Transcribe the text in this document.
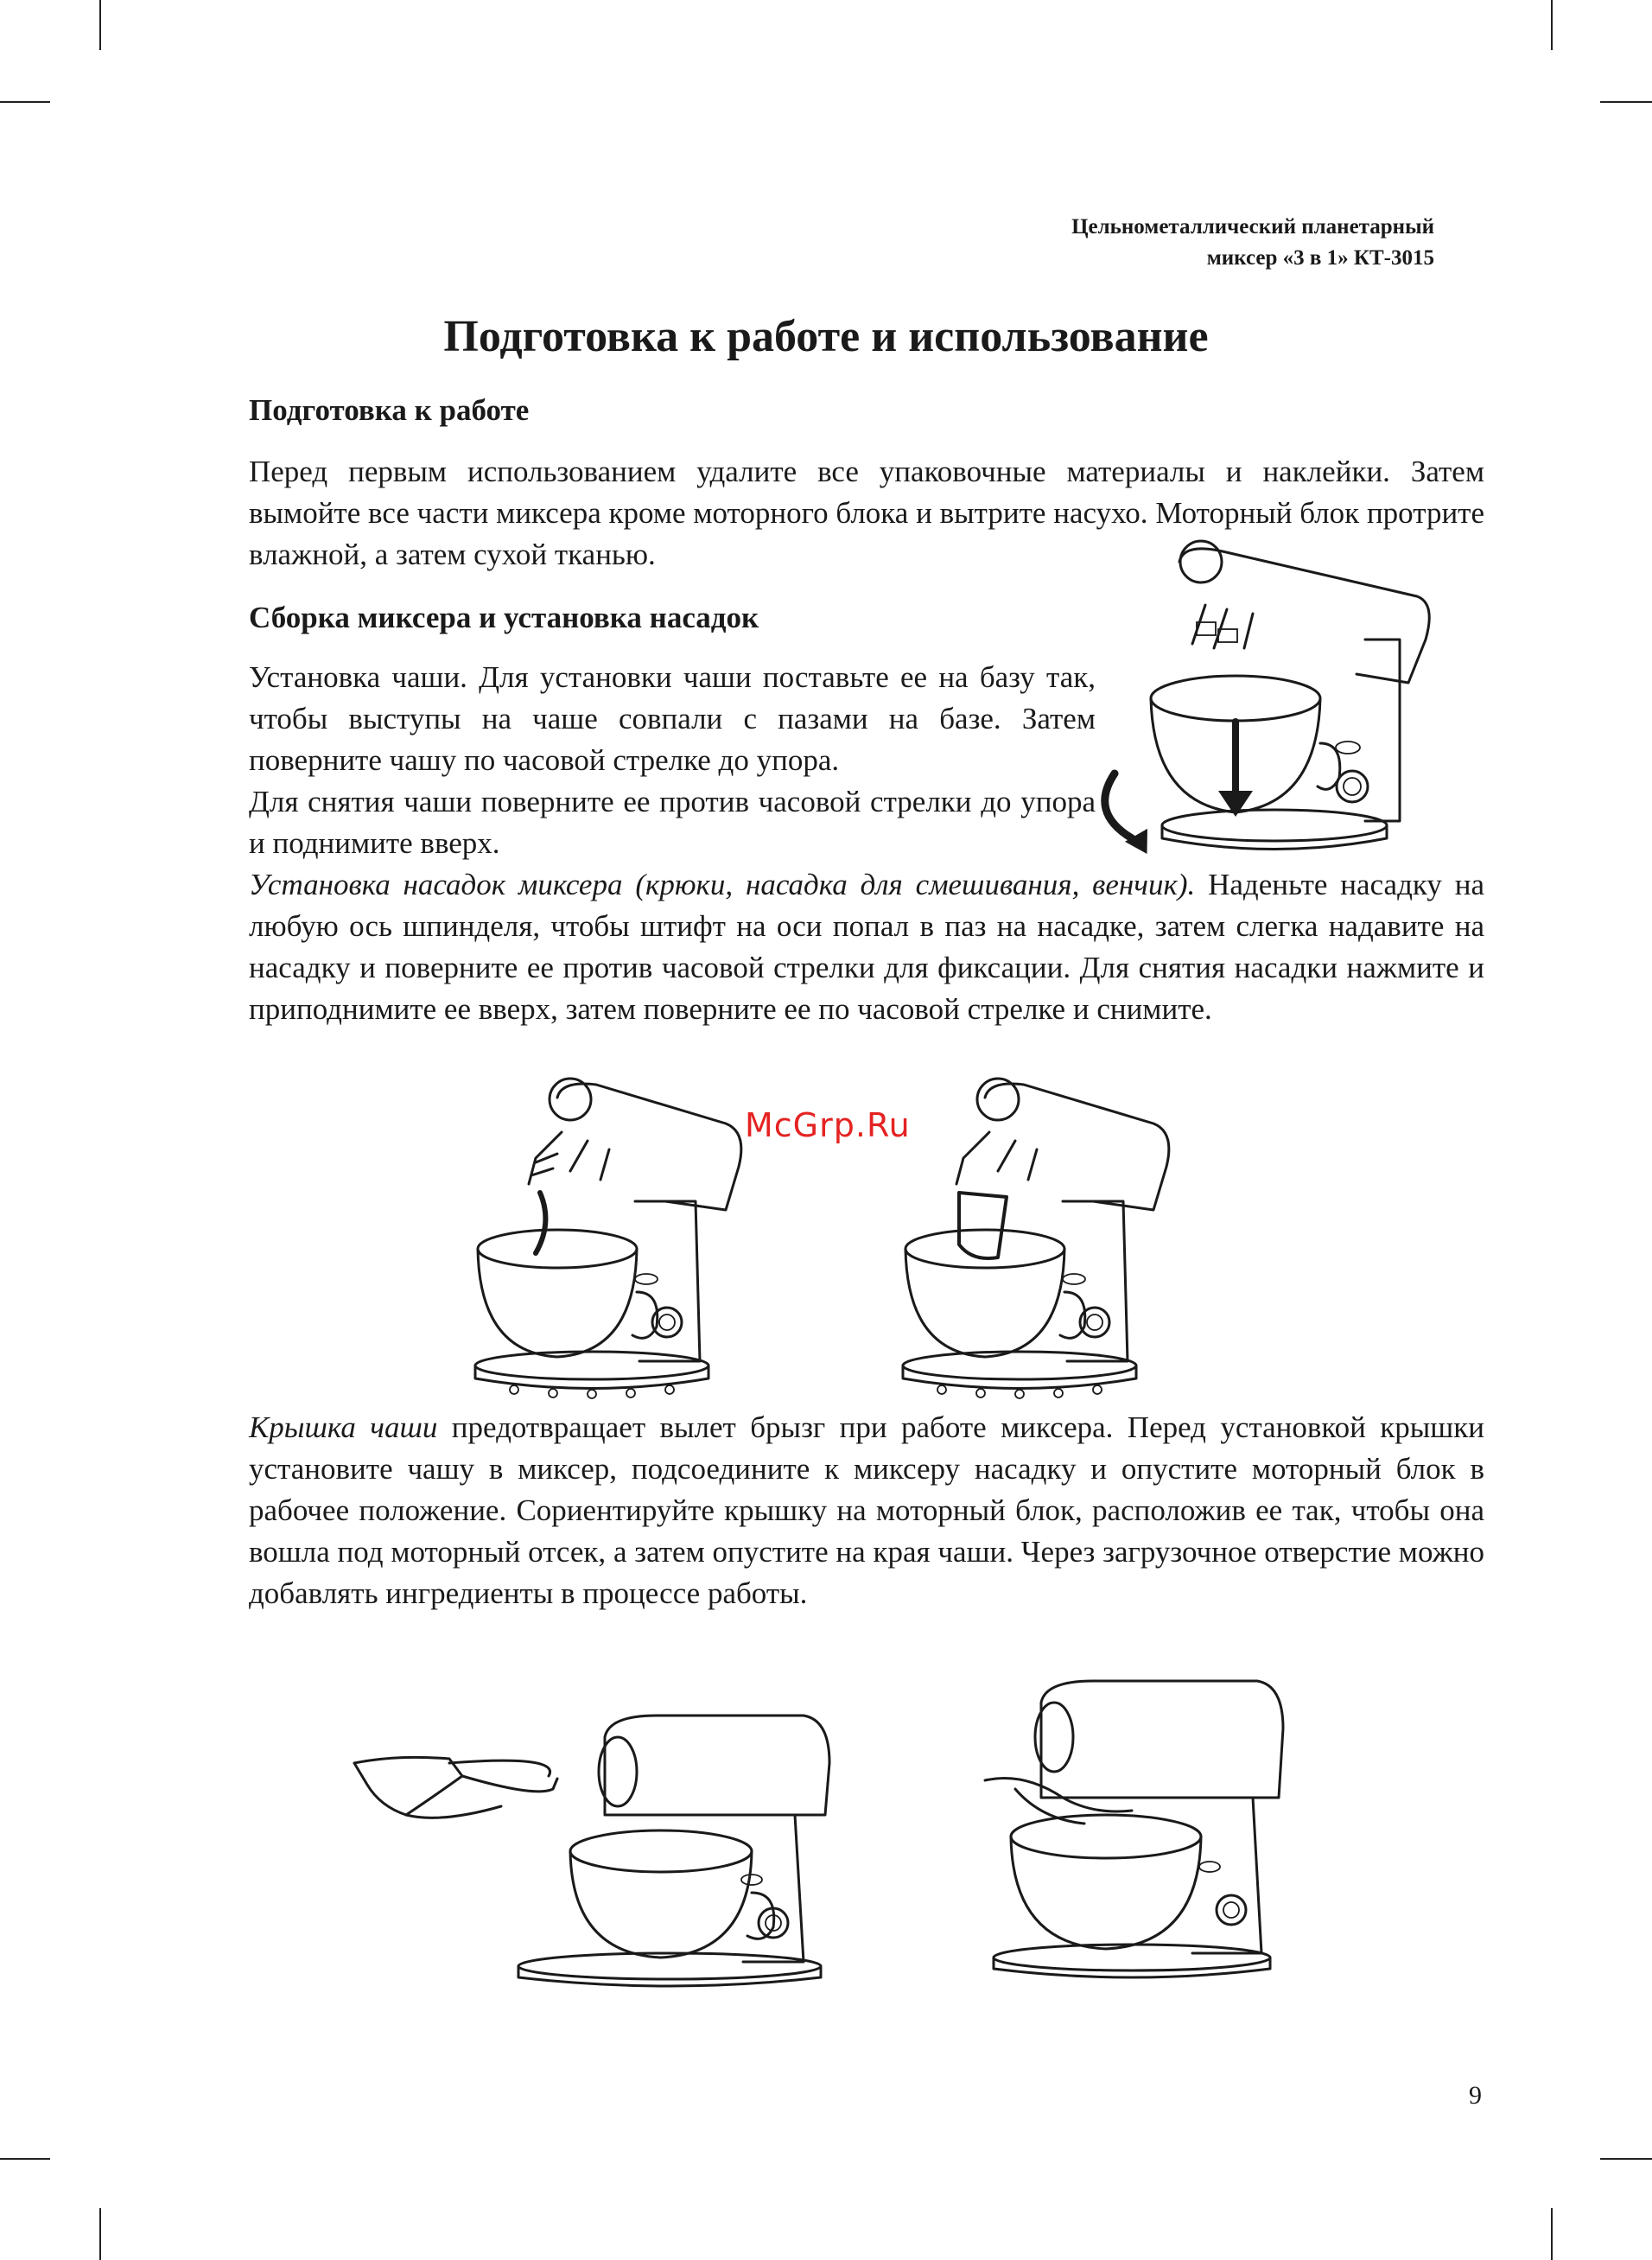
Цельнометаллический планетарный
миксер «3 в 1» КТ-3015
Подготовка к работе и использование
Подготовка к работе

Перед первым использованием удалите все упаковочные материалы и наклейки. Затем вымойте все части миксера кроме моторного блока и вытрите насухо. Моторный блок протрите влажной, а затем сухой тканью.

Сборка миксера и установка насадок

Установка чаши. Для установки чаши поставьте ее на базу так, чтобы выступы на чаше совпали с пазами на базе. Затем поверните чашу по часовой стрелке до упора.

Для снятия чаши поверните ее против часовой стрелки до упора и поднимите вверх.

Установка насадок миксера (крюки, насадка для смешивания, венчик). Наденьте насадку на любую ось шпинделя, чтобы штифт на оси попал в паз на насадке, затем слегка надавите на насадку и поверните ее против часовой стрелки для фиксации. Для снятия насадки нажмите и приподнимите ее вверх, затем поверните ее по часовой стрелке и снимите.

McGrp.Ru

Крышка чаши предотвращает вылет брызг при работе миксера. Перед установкой крышки установите чашу в миксер, подсоедините к миксеру насадку и опустите моторный блок в рабочее положение. Сориентируйте крышку на моторный блок, расположив ее так, чтобы она вошла под моторный отсек, а затем опустите на края чаши. Через загрузочное отверстие можно добавлять ингредиенты в процессе работы.

9
